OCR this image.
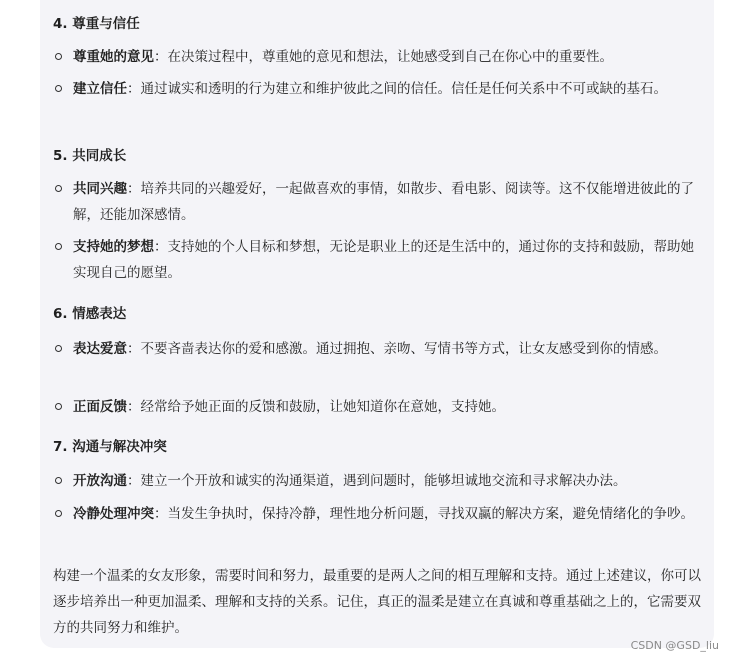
4. 尊重与信任
尊重她的意见：在决策过程中，尊重她的意见和想法，让她感受到自己在你心中的重要性。
建立信任：通过诚实和透明的行为建立和维护彼此之间的信任。信任是任何关系中不可或缺的基石。
5. 共同成长
共同兴趣：培养共同的兴趣爱好，一起做喜欢的事情，如散步、看电影、阅读等。这不仅能增进彼此的了解，还能加深感情。
支持她的梦想：支持她的个人目标和梦想，无论是职业上的还是生活中的，通过你的支持和鼓励，帮助她实现自己的愿望。
6. 情感表达
表达爱意：不要吝啬表达你的爱和感激。通过拥抱、亲吻、写情书等方式，让女友感受到你的情感。
正面反馈：经常给予她正面的反馈和鼓励，让她知道你在意她，支持她。
7. 沟通与解决冲突
开放沟通：建立一个开放和诚实的沟通渠道，遇到问题时，能够坦诚地交流和寻求解决办法。
冷静处理冲突：当发生争执时，保持冷静，理性地分析问题，寻找双赢的解决方案，避免情绪化的争吵。
构建一个温柔的女友形象，需要时间和努力，最重要的是两人之间的相互理解和支持。通过上述建议，你可以逐步培养出一种更加温柔、理解和支持的关系。记住，真正的温柔是建立在真诚和尊重基础之上的，它需要双方的共同努力和维护。
CSDN @GSD_liu
